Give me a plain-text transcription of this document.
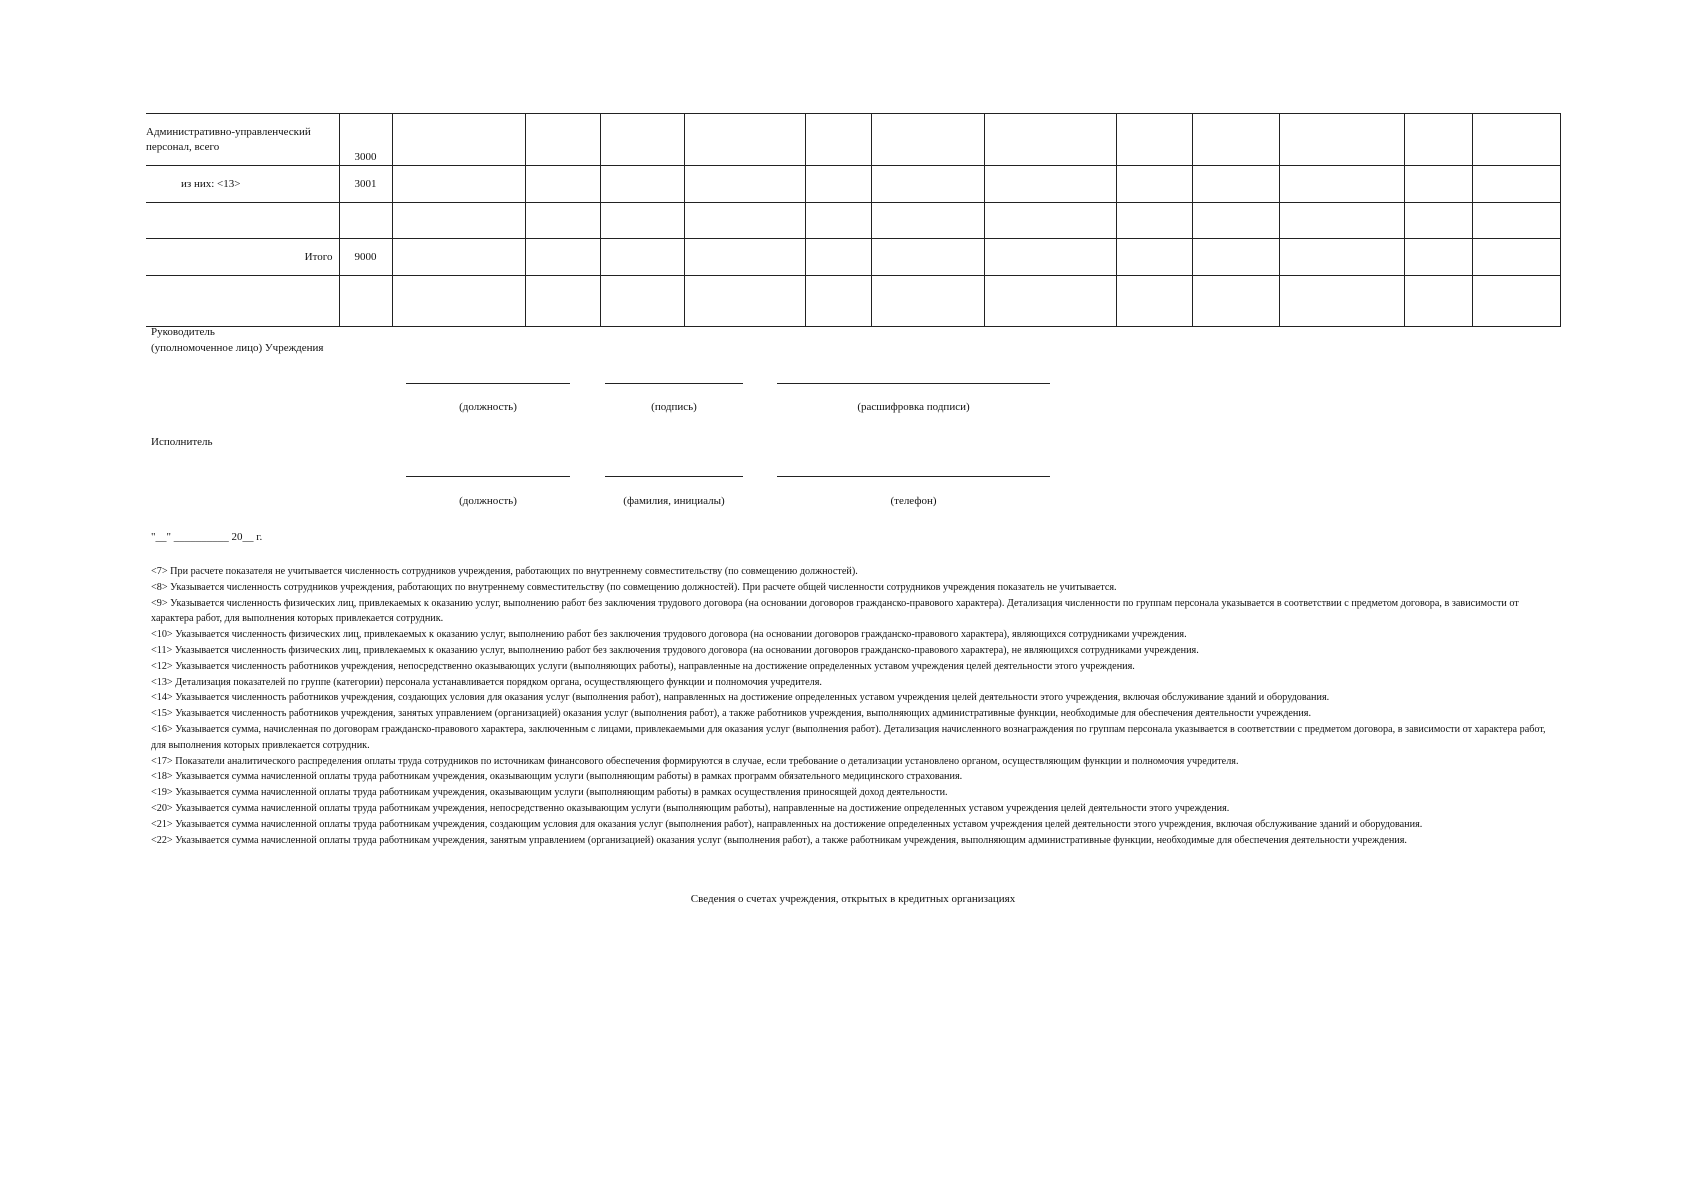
Административно-управленческий персонал, всего	3000												
из них: <13>	3001												

Итого	9000												

Руководитель
(уполномоченное лицо) Учреждения
(должность)	(подпись)	(расшифровка подписи)
Исполнитель
(должность)	(фамилия, инициалы)	(телефон)
"__" __________ 20__ г.
<7> При расчете показателя не учитывается численность сотрудников учреждения, работающих по внутреннему совместительству (по совмещению должностей).
<8> Указывается численность сотрудников учреждения, работающих по внутреннему совместительству (по совмещению должностей). При расчете общей численности сотрудников учреждения показатель не учитывается.
<9> Указывается численность физических лиц, привлекаемых к оказанию услуг, выполнению работ без заключения трудового договора (на основании договоров гражданско-правового характера). Детализация численности по группам персонала указывается в соответствии с предметом договора, в зависимости от характера работ, для выполнения которых привлекается сотрудник.
<10> Указывается численность физических лиц, привлекаемых к оказанию услуг, выполнению работ без заключения трудового договора (на основании договоров гражданско-правового характера), являющихся сотрудниками учреждения.
<11> Указывается численность физических лиц, привлекаемых к оказанию услуг, выполнению работ без заключения трудового договора (на основании договоров гражданско-правового характера), не являющихся сотрудниками учреждения.
<12> Указывается численность работников учреждения, непосредственно оказывающих услуги (выполняющих работы), направленные на достижение определенных уставом учреждения целей деятельности этого учреждения.
<13> Детализация показателей по группе (категории) персонала устанавливается порядком органа, осуществляющего функции и полномочия учредителя.
<14> Указывается численность работников учреждения, создающих условия для оказания услуг (выполнения работ), направленных на достижение определенных уставом учреждения целей деятельности этого учреждения, включая обслуживание зданий и оборудования.
<15> Указывается численность работников учреждения, занятых управлением (организацией) оказания услуг (выполнения работ), а также работников учреждения, выполняющих административные функции, необходимые для обеспечения деятельности учреждения.
<16> Указывается сумма, начисленная по договорам гражданско-правового характера, заключенным с лицами, привлекаемыми для оказания услуг (выполнения работ). Детализация начисленного вознаграждения по группам персонала указывается в соответствии с предметом договора, в зависимости от характера работ, для выполнения которых привлекается сотрудник.
<17> Показатели аналитического распределения оплаты труда сотрудников по источникам финансового обеспечения формируются в случае, если требование о детализации установлено органом, осуществляющим функции и полномочия учредителя.
<18> Указывается сумма начисленной оплаты труда работникам учреждения, оказывающим услуги (выполняющим работы) в рамках программ обязательного медицинского страхования.
<19> Указывается сумма начисленной оплаты труда работникам учреждения, оказывающим услуги (выполняющим работы) в рамках осуществления приносящей доход деятельности.
<20> Указывается сумма начисленной оплаты труда работникам учреждения, непосредственно оказывающим услуги (выполняющим работы), направленные на достижение определенных уставом учреждения целей деятельности этого учреждения.
<21> Указывается сумма начисленной оплаты труда работникам учреждения, создающим условия для оказания услуг (выполнения работ), направленных на достижение определенных уставом учреждения целей деятельности этого учреждения, включая обслуживание зданий и оборудования.
<22> Указывается сумма начисленной оплаты труда работникам учреждения, занятым управлением (организацией) оказания услуг (выполнения работ), а также работникам учреждения, выполняющим административные функции, необходимые для обеспечения деятельности учреждения.
Сведения о счетах учреждения, открытых в кредитных организациях
